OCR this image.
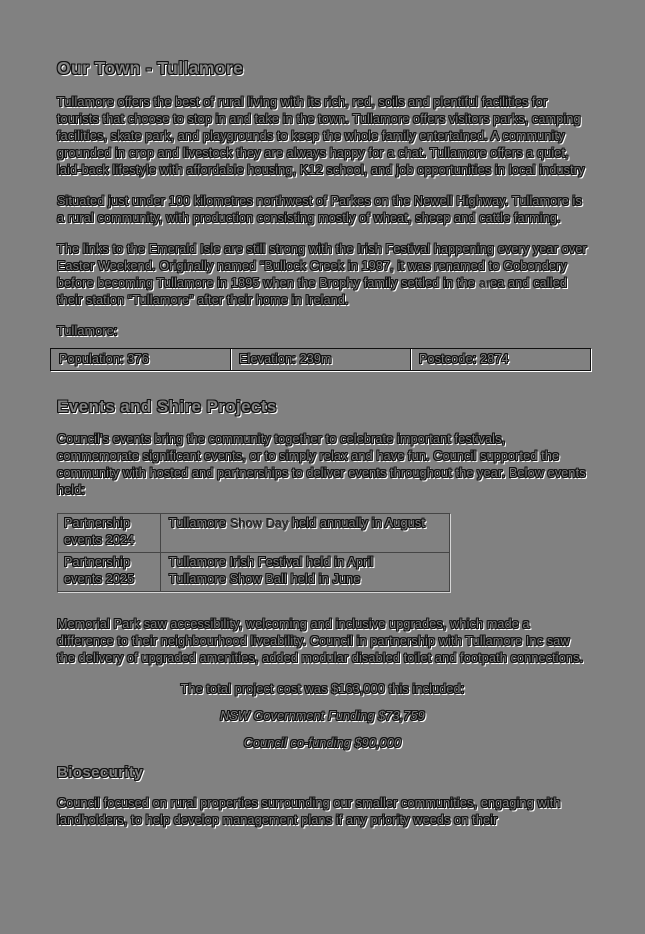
Our Town - Tullamore

Tullamore offers the best of rural living with its rich, red, soils and plentiful facilities for tourists that choose to stop in and take in the town. Tullamore offers visitors parks, camping facilities, skate park, and playgrounds to keep the whole family entertained. A community grounded in crop and livestock they are always happy for a chat. Tullamore offers a quiet, laid-back lifestyle with affordable housing, K12 school, and job opportunities in local industry

Situated just under 100 kilometres northwest of Parkes on the Newell Highway. Tullamore is a rural community, with production consisting mostly of wheat, sheep and cattle farming.

The links to the Emerald Isle are still strong with the Irish Festival happening every year over Easter Weekend. Originally named “Bullock Creek in 1987, it was renamed to Gobondery before becoming Tullamore in 1895 when the Brophy family settled in the area and called their station “Tullamore” after their home in Ireland.

Tullamore:

Population: 376	Elevation: 239m	Postcode: 2874
Events and Shire Projects

Council's events bring the community together to celebrate important festivals, commemorate significant events, or to simply relax and have fun. Council supported the community with hosted and partnerships to deliver events throughout the year. Below events held:

Partnership events 2024
Tullamore Show Day held annually in August
Partnership events 2025
Tullamore Irish Festival held in April
Tullamore Show Ball held in June

Memorial Park saw accessibility, welcoming and inclusive upgrades, which made a difference to their neighbourhood liveability. Council in partnership with Tullamore Inc saw the delivery of upgraded amenities, added modular disabled toilet and footpath connections.

The total project cost was $163,000 this included:

NSW Government Funding $73,759

Council co-funding $90,000

Biosecurity

Council focused on rural properties surrounding our smaller communities, engaging with landholders, to help develop management plans if any priority weeds on their
